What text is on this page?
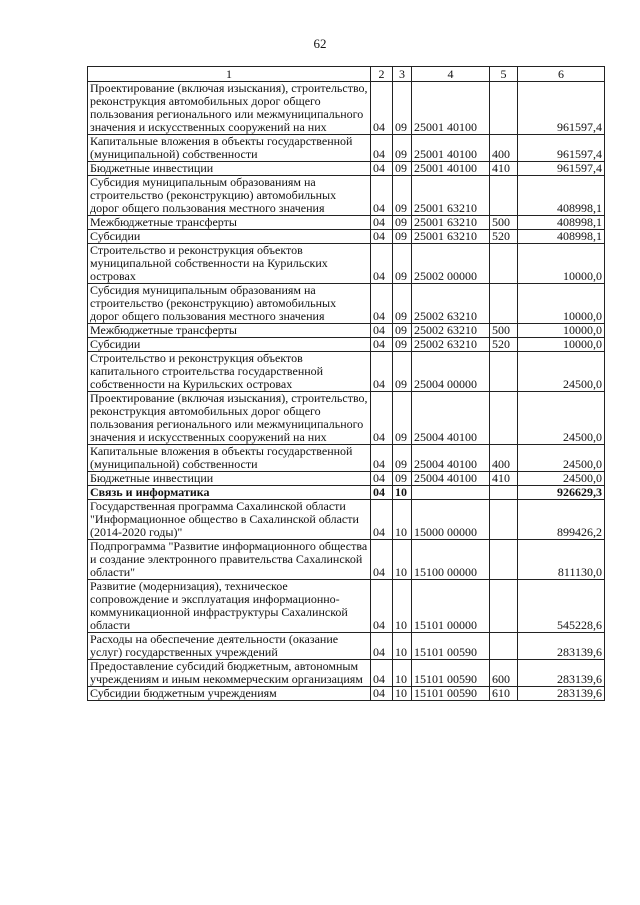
62
1	2	3	4	5	6
Проектирование (включая изыскания), строительство, реконструкция автомобильных дорог общего пользования регионального или межмуниципального значения и искусственных сооружений на них	04	09	25001 40100		961597,4
Капитальные вложения в объекты государственной (муниципальной) собственности	04	09	25001 40100	400	961597,4
Бюджетные инвестиции	04	09	25001 40100	410	961597,4
Субсидия муниципальным образованиям на строительство (реконструкцию) автомобильных дорог общего пользования местного значения	04	09	25001 63210		408998,1
Межбюджетные трансферты	04	09	25001 63210	500	408998,1
Субсидии	04	09	25001 63210	520	408998,1
Строительство и реконструкция объектов муниципальной собственности на Курильских островах	04	09	25002 00000		10000,0
Субсидия муниципальным образованиям на строительство (реконструкцию) автомобильных дорог общего пользования местного значения	04	09	25002 63210		10000,0
Межбюджетные трансферты	04	09	25002 63210	500	10000,0
Субсидии	04	09	25002 63210	520	10000,0
Строительство и реконструкция объектов капитального строительства государственной собственности на Курильских островах	04	09	25004 00000		24500,0
Проектирование (включая изыскания), строительство, реконструкция автомобильных дорог общего пользования регионального или межмуниципального значения и искусственных сооружений на них	04	09	25004 40100		24500,0
Капитальные вложения в объекты государственной (муниципальной) собственности	04	09	25004 40100	400	24500,0
Бюджетные инвестиции	04	09	25004 40100	410	24500,0
Связь и информатика	04	10			926629,3
Государственная программа Сахалинской области "Информационное общество в Сахалинской области (2014-2020 годы)"	04	10	15000 00000		899426,2
Подпрограмма "Развитие информационного общества и создание электронного правительства Сахалинской области"	04	10	15100 00000		811130,0
Развитие (модернизация), техническое сопровождение и эксплуатация информационно-коммуникационной инфраструктуры Сахалинской области	04	10	15101 00000		545228,6
Расходы на обеспечение деятельности (оказание услуг) государственных учреждений	04	10	15101 00590		283139,6
Предоставление субсидий бюджетным, автономным учреждениям и иным некоммерческим организациям	04	10	15101 00590	600	283139,6
Субсидии бюджетным учреждениям	04	10	15101 00590	610	283139,6
